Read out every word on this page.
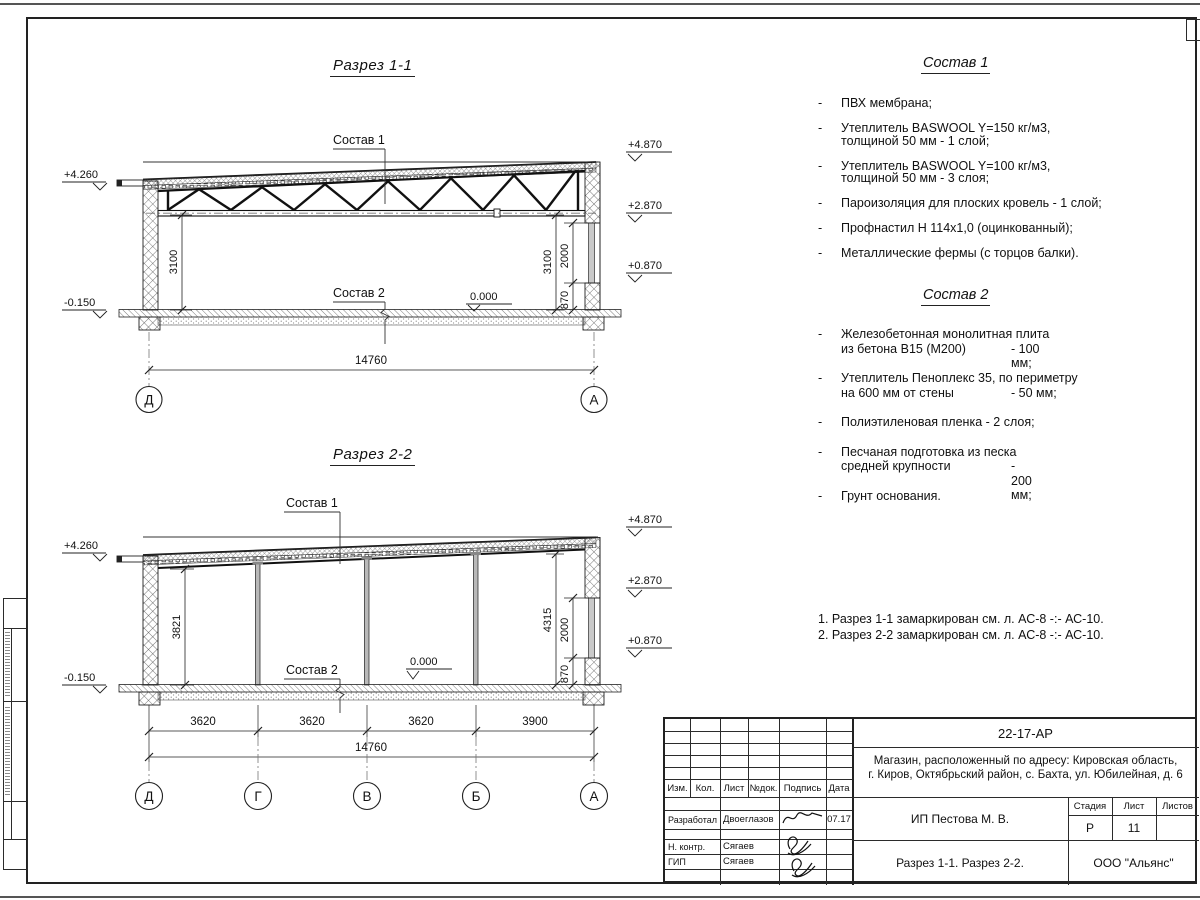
Разрез 1-1
Разрез 2-2
Состав 1
Состав 2
+4.260
-0.150
+4.870
+2.870
+0.870
0.000
3100	3100 2000
870
14760
Д	А
Состав 1
Состав 2
+4.260
-0.150
+4.870
+2.870
+0.870
0.000
3821	4315 2000
870
3620	3620	3620	3900
14760
Д	Г	В	Б	А
Состав 1
-	ПВХ мембрана;
-	Утеплитель BASWOOL Y=150 кг/м3,
толщиной 50 мм - 1 слой;
-	Утеплитель BASWOOL Y=100 кг/м3,
толщиной 50 мм - 3 слоя;
-	Пароизоляция для плоских кровель - 1 слой;
-	Профнастил Н 114х1,0 (оцинкованный);
-	Металлические фермы (с торцов балки).
Состав 2
-	Железобетонная монолитная плита
из бетона В15 (М200)	- 100 мм;
-	Утеплитель Пеноплекс 35, по периметру
на 600 мм от стены	- 50 мм;
-	Полиэтиленовая пленка - 2 слоя;
-	Песчаная подготовка из песка
средней крупности	- 200 мм;
-	Грунт основания.
1. Разрез 1-1 замаркирован см. л. АС-8 -:- АС-10.
2. Разрез 2-2 замаркирован см. л. АС-8 -:- АС-10.
22-17-АР
Магазин, расположенный по адресу: Кировская область,
г. Киров, Октябрьский район, с. Бахта, ул. Юбилейная, д. 6
Изм. Кол. Лист №док. Подпись Дата
Разработал Двоеглазов	07.17
Н. контр.	Сягаев
ГИП	Сягаев
ИП Пестова М. В.
Стадия	Лист	Листов
Р	11
Разрез 1-1. Разрез 2-2.	ООО "Альянс"
